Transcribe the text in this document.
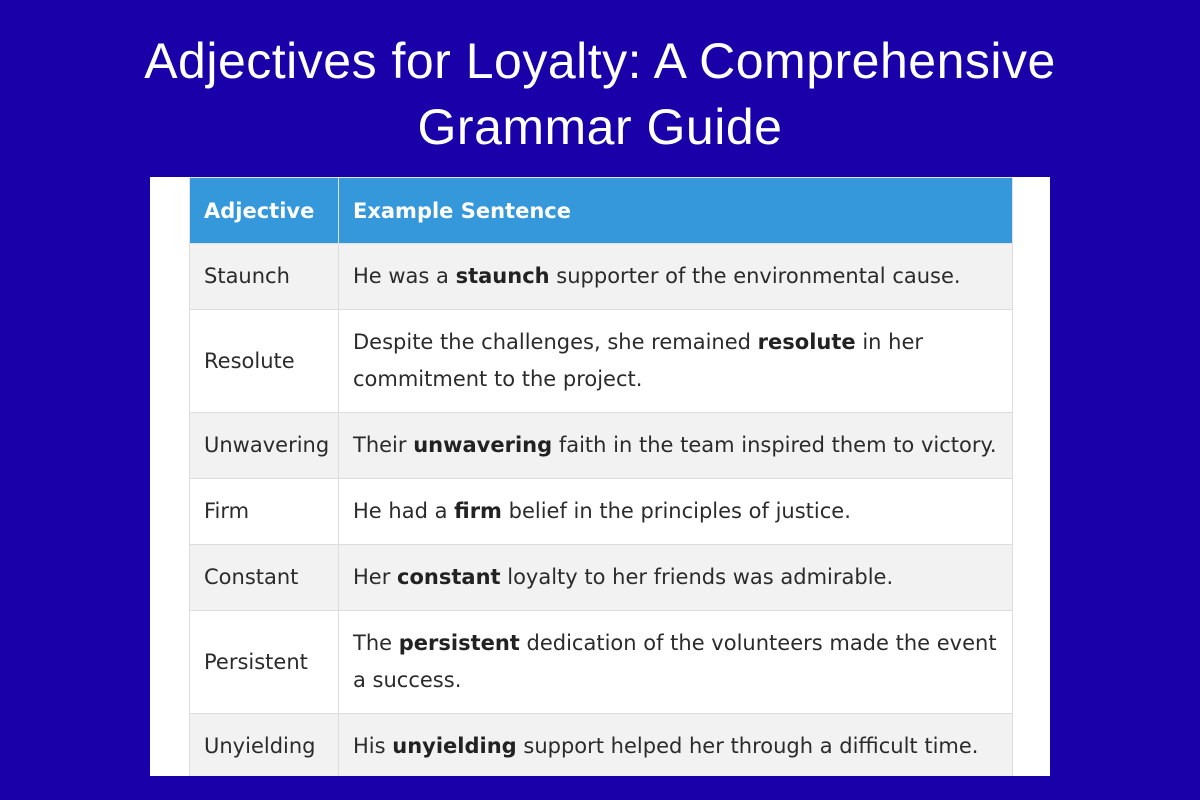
Adjectives for Loyalty: A Comprehensive Grammar Guide
Adjective	Example Sentence
Staunch	He was a staunch supporter of the environmental cause.
Resolute	Despite the challenges, she remained resolute in her commitment to the project.
Unwavering	Their unwavering faith in the team inspired them to victory.
Firm	He had a firm belief in the principles of justice.
Constant	Her constant loyalty to her friends was admirable.
Persistent	The persistent dedication of the volunteers made the event a success.
Unyielding	His unyielding support helped her through a difficult time.
